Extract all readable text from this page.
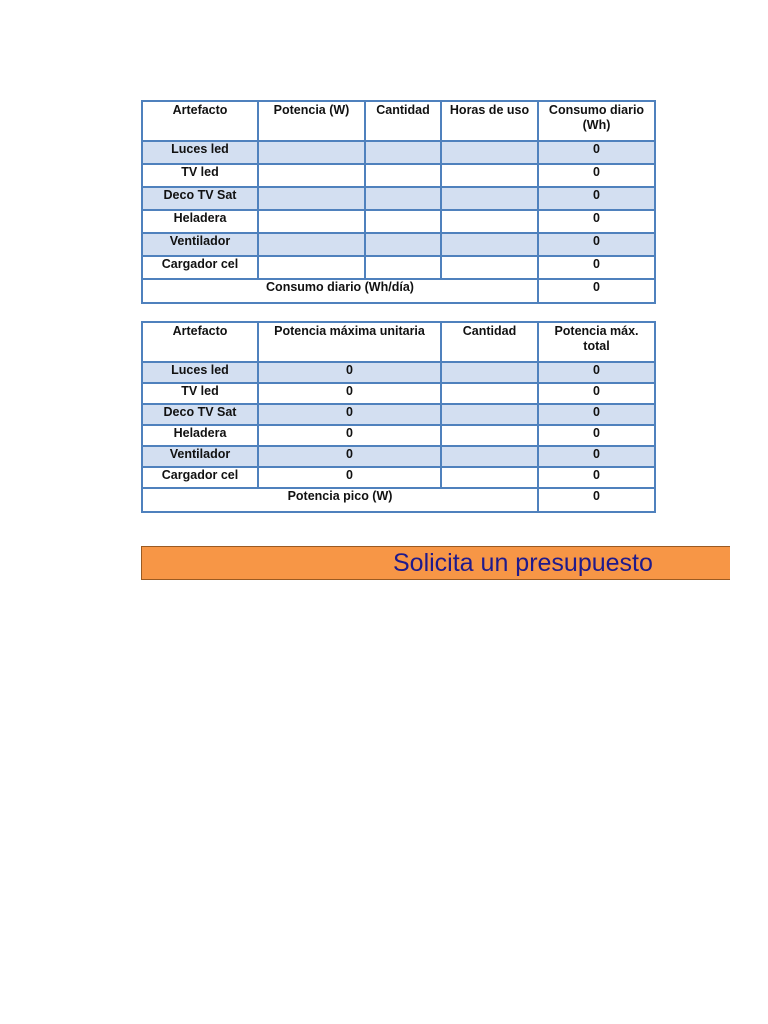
Artefacto	Potencia (W)	Cantidad	Horas de uso	Consumo diario (Wh)
Luces led				0
TV led				0
Deco TV Sat				0
Heladera				0
Ventilador				0
Cargador cel				0
Consumo diario (Wh/día)				0
Artefacto	Potencia máxima unitaria	Cantidad	Potencia máx. total
Luces led	0		0
TV led	0		0
Deco TV Sat	0		0
Heladera	0		0
Ventilador	0		0
Cargador cel	0		0
Potencia pico (W)			0
Solicita un presupuesto
